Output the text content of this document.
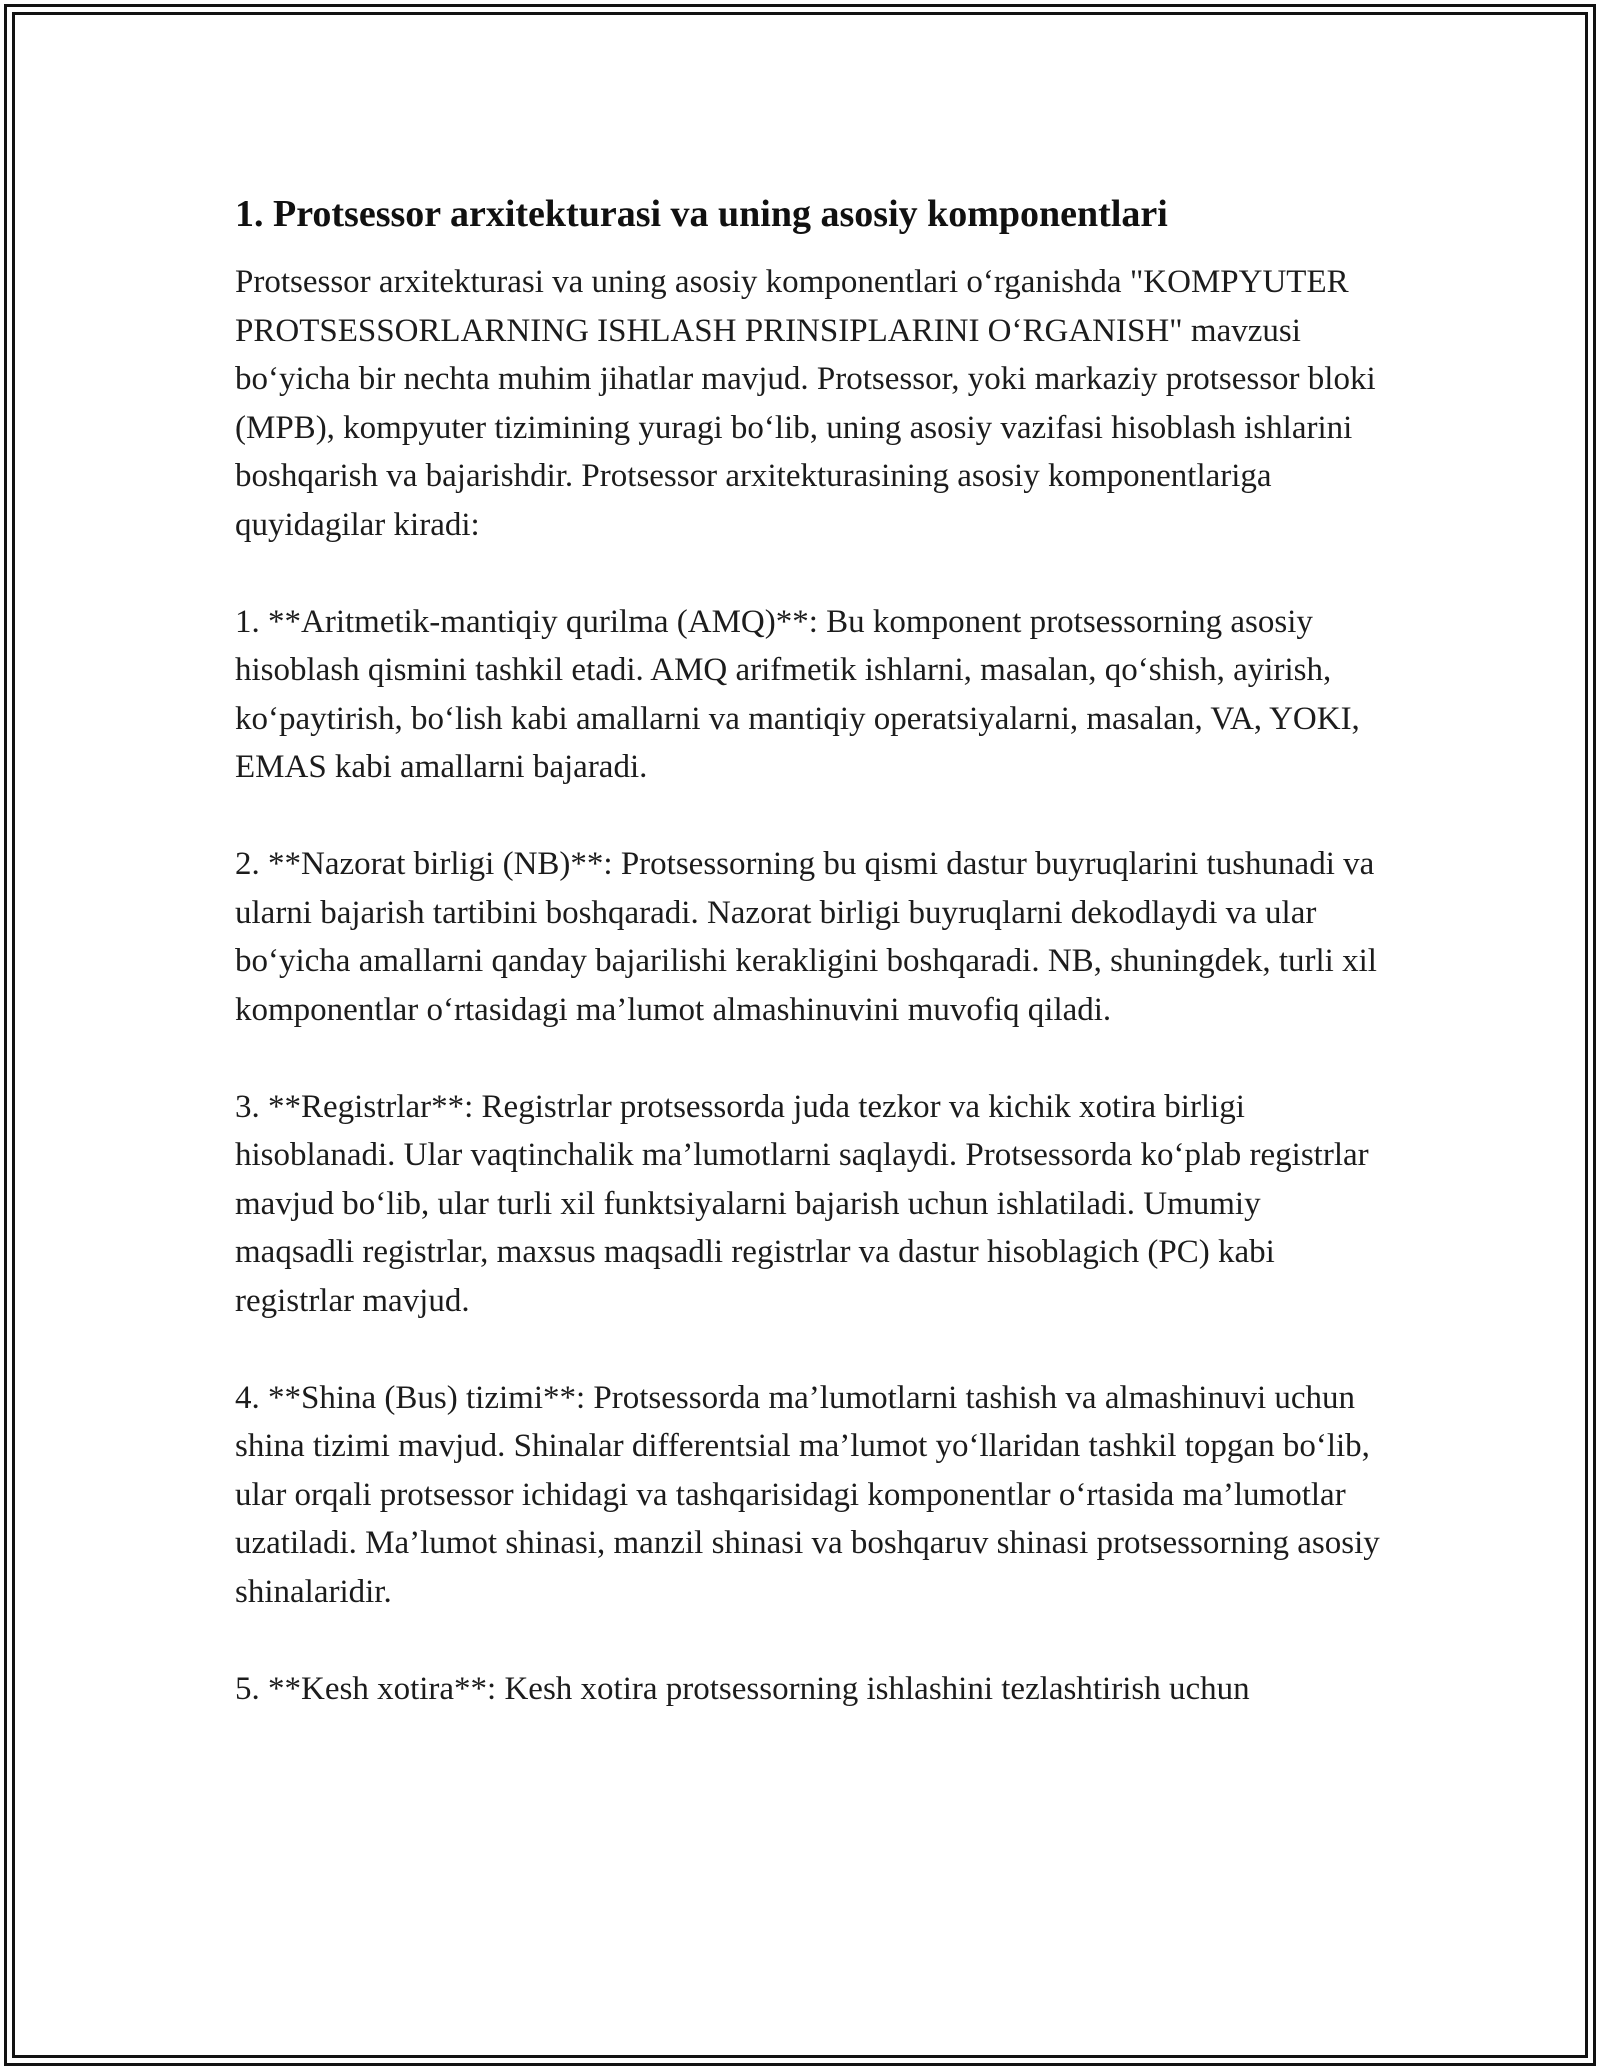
1. Protsessor arxitekturasi va uning asosiy komponentlari

Protsessor arxitekturasi va uning asosiy komponentlari o‘rganishda "KOMPYUTER PROTSESSORLARNING ISHLASH PRINSIPLARINI O‘RGANISH" mavzusi bo‘yicha bir nechta muhim jihatlar mavjud. Protsessor, yoki markaziy protsessor bloki (MPB), kompyuter tizimining yuragi bo‘lib, uning asosiy vazifasi hisoblash ishlarini boshqarish va bajarishdir. Protsessor arxitekturasining asosiy komponentlariga quyidagilar kiradi:

1. **Aritmetik-mantiqiy qurilma (AMQ)**: Bu komponent protsessorning asosiy hisoblash qismini tashkil etadi. AMQ arifmetik ishlarni, masalan, qo‘shish, ayirish, ko‘paytirish, bo‘lish kabi amallarni va mantiqiy operatsiyalarni, masalan, VA, YOKI, EMAS kabi amallarni bajaradi.

2. **Nazorat birligi (NB)**: Protsessorning bu qismi dastur buyruqlarini tushunadi va ularni bajarish tartibini boshqaradi. Nazorat birligi buyruqlarni dekodlaydi va ular bo‘yicha amallarni qanday bajarilishi kerakligini boshqaradi. NB, shuningdek, turli xil komponentlar o‘rtasidagi ma’lumot almashinuvini muvofiq qiladi.

3. **Registrlar**: Registrlar protsessorda juda tezkor va kichik xotira birligi hisoblanadi. Ular vaqtinchalik ma’lumotlarni saqlaydi. Protsessorda ko‘plab registrlar mavjud bo‘lib, ular turli xil funktsiyalarni bajarish uchun ishlatiladi. Umumiy maqsadli registrlar, maxsus maqsadli registrlar va dastur hisoblagich (PC) kabi registrlar mavjud.

4. **Shina (Bus) tizimi**: Protsessorda ma’lumotlarni tashish va almashinuvi uchun shina tizimi mavjud. Shinalar differentsial ma’lumot yo‘llaridan tashkil topgan bo‘lib, ular orqali protsessor ichidagi va tashqarisidagi komponentlar o‘rtasida ma’lumotlar uzatiladi. Ma’lumot shinasi, manzil shinasi va boshqaruv shinasi protsessorning asosiy shinalaridir.

5. **Kesh xotira**: Kesh xotira protsessorning ishlashini tezlashtirish uchun
